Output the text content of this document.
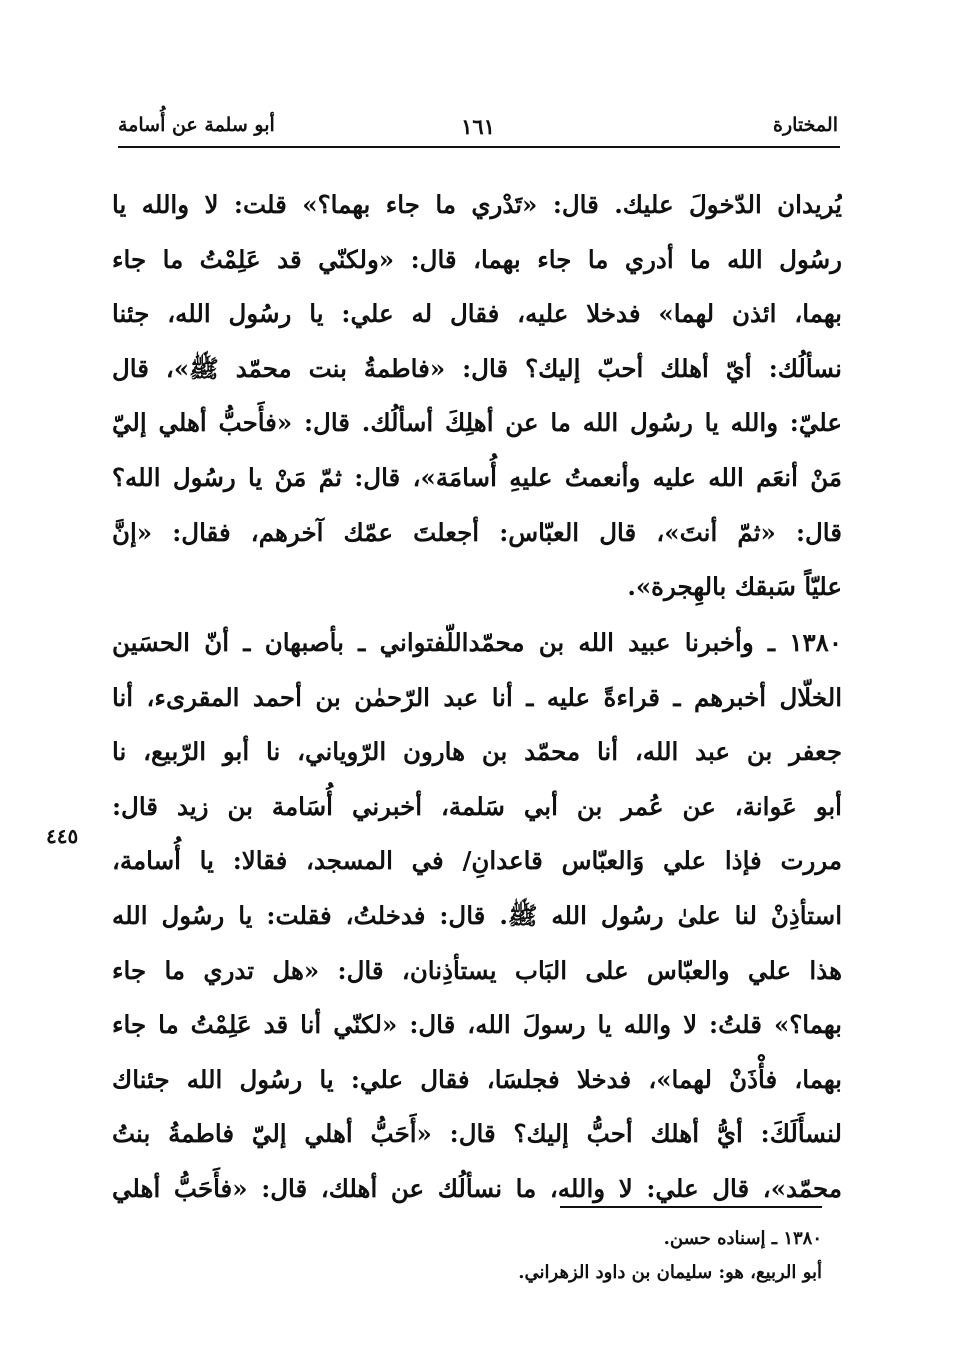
المختارة
١٦١
أبو سلمة عن أُسامة
يُريدان الدّخولَ عليك. قال: «تَدْري ما جاء بهما؟» قلت: لا والله يا
رسُول الله ما أدري ما جاء بهما، قال: «ولكنّي قد عَلِمْتُ ما جاء
بهما، ائذن لهما» فدخلا عليه، فقال له علي: يا رسُول الله، جئنا
نسألُك: أيّ أهلك أحبّ إليك؟ قال: «فاطمةُ بنت محمّد ﷺ»، قال
عليّ: والله يا رسُول الله ما عن أهلِكَ أسألُك. قال: «فأَحبُّ أهلي إليّ
مَنْ أنعَم الله عليه وأنعمتُ عليهِ أُسامَة»، قال: ثمّ مَنْ يا رسُول الله؟
قال: «ثمّ أنتَ»، قال العبّاس: أجعلتَ عمّك آخرهم، فقال: «إنَّ
عليّاً سَبقك بالهِجرة».
١٣٨٠ ـ وأخبرنا عبيد الله بن محمّداللّفتواني ـ بأصبهان ـ أنّ الحسَين
الخلّال أخبرهم ـ قراءةً عليه ـ أنا عبد الرّحمٰن بن أحمد المقرىء، أنا
جعفر بن عبد الله، أنا محمّد بن هارون الرّوياني، نا أبو الرّبيع، نا
أبو عَوانة، عن عُمر بن أبي سَلمة، أخبرني أُسَامة بن زيد قال:
مررت فإذا علي وَالعبّاس قاعدانِ/ في المسجد، فقالا: يا أُسامة،
استأذِنْ لنا علىٰ رسُول الله ﷺ. قال: فدخلتُ، فقلت: يا رسُول الله
هذا علي والعبّاس على البَاب يستأذِنان، قال: «هل تدري ما جاء
بهما؟» قلتُ: لا والله يا رسولَ الله، قال: «لكنّي أنا قد عَلِمْتُ ما جاء
بهما، فأْذَنْ لهما»، فدخلا فجلسَا، فقال علي: يا رسُول الله جئناك
لنسأَلَكَ: أيُّ أهلك أحبُّ إليك؟ قال: «أَحَبُّ أهلي إليّ فاطمةُ بنتُ
محمّد»، قال علي: لا والله، ما نسألُك عن أهلك، قال: «فأَحَبُّ أهلي
٤٤٥
١٣٨٠ ـ إسناده حسن.
أبو الربيع، هو: سليمان بن داود الزهراني.
